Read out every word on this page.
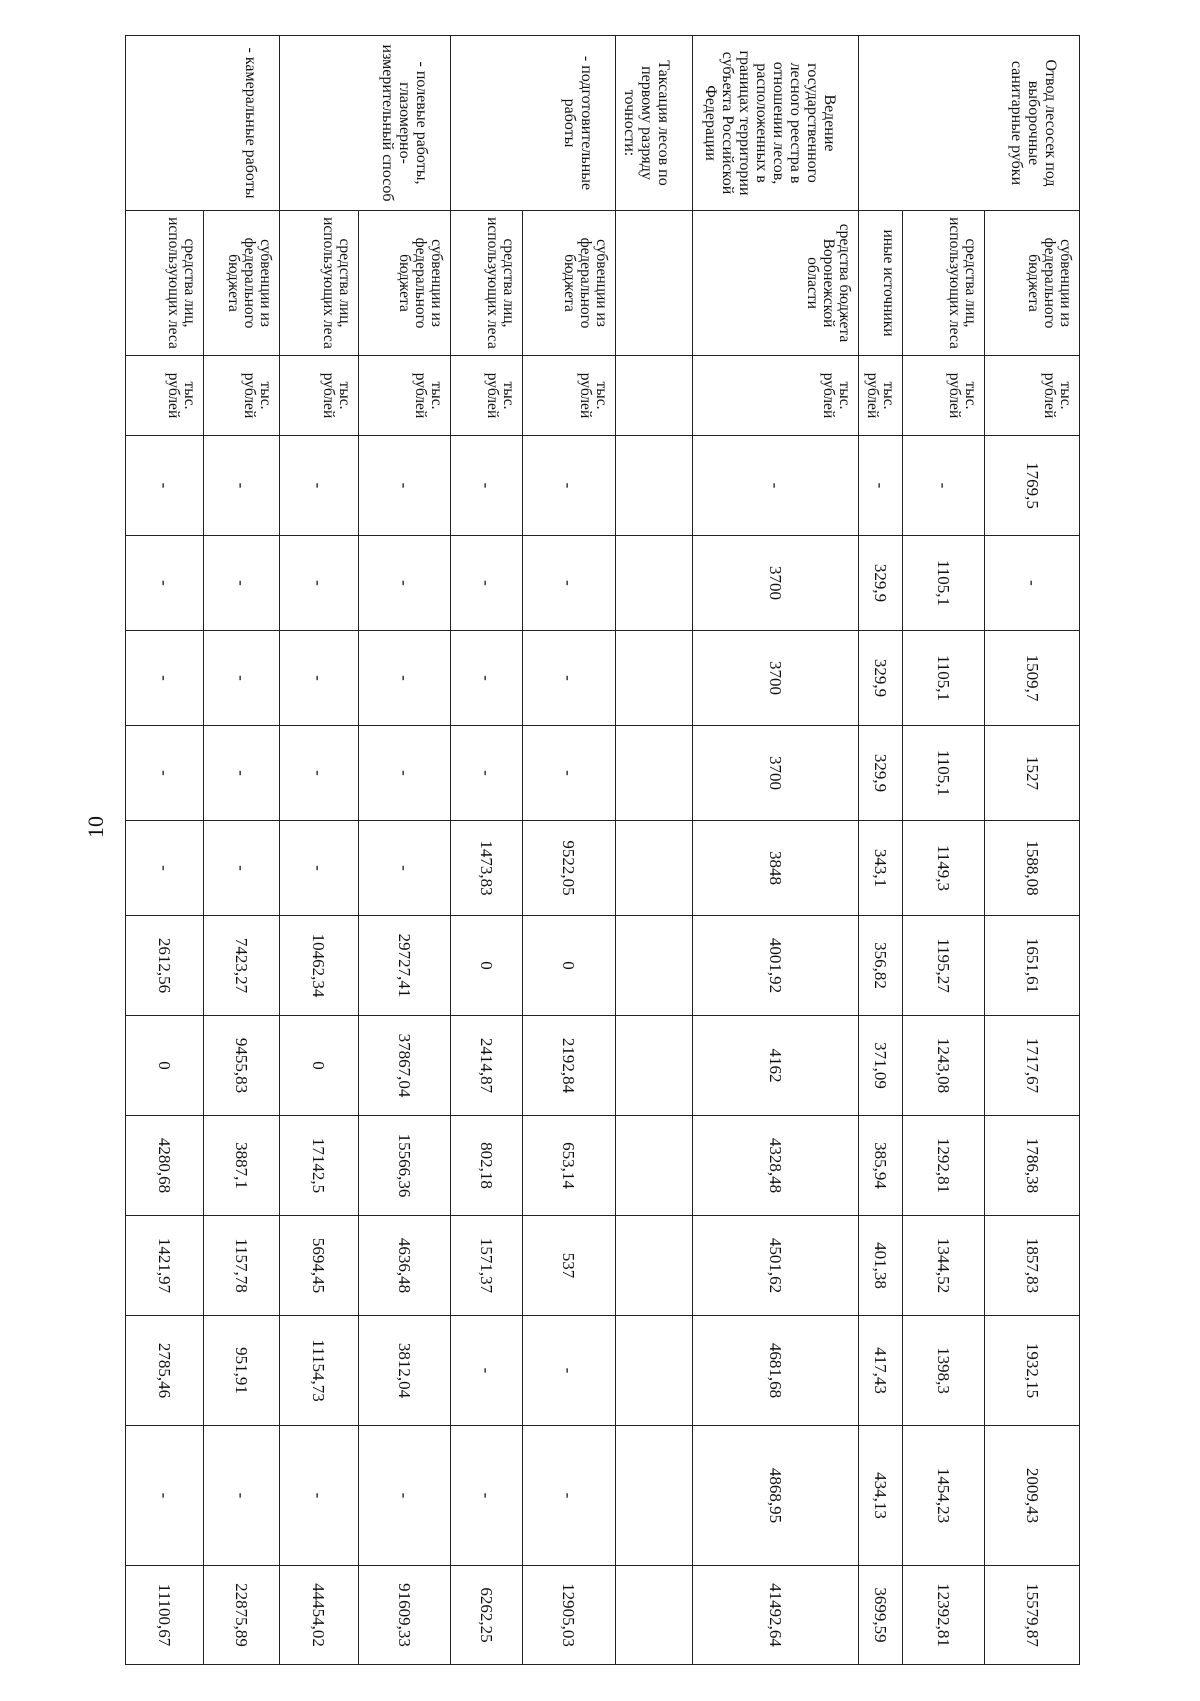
10
Отвод лесосек под выборочные санитарные рубки	субвенции из федерального бюджета	тыс. рублей	1769,5	-	1509,7	1527	1588,08	1651,61	1717,67	1786,38	1857,83	1932,15	2009,43	15579,87
	средства лиц, использующих леса	тыс. рублей	-	1105,1	1105,1	1105,1	1149,3	1195,27	1243,08	1292,81	1344,52	1398,3	1454,23	12392,81
	иные источники	тыс. рублей	-	329,9	329,9	329,9	343,1	356,82	371,09	385,94	401,38	417,43	434,13	3699,59
Ведение государственного лесного реестра в отношении лесов, расположенных в границах территории субъекта Российской Федерации	средства бюджета Воронежской области	тыс. рублей	-	3700	3700	3700	3848	4001,92	4162	4328,48	4501,62	4681,68	4868,95	41492,64
Таксация лесов по первому разряду точности:														
- подготовительные работы	субвенции из федерального бюджета	тыс. рублей	-	-	-	-	9522,05	0	2192,84	653,14	537	-	-	12905,03
	средства лиц, использующих леса	тыс. рублей	-	-	-	-	1473,83	0	2414,87	802,18	1571,37	-	-	6262,25
- полевые работы, глазомерно-измерительный способ	субвенции из федерального бюджета	тыс. рублей	-	-	-	-	-	29727,41	37867,04	15566,36	4636,48	3812,04	-	91609,33
	средства лиц, использующих леса	тыс. рублей	-	-	-	-	-	10462,34	0	17142,5	5694,45	11154,73	-	44454,02
- камеральные работы	субвенции из федерального бюджета	тыс. рублей	-	-	-	-	-	7423,27	9455,83	3887,1	1157,78	951,91	-	22875,89
	средства лиц, использующих леса	тыс. рублей	-	-	-	-	-	2612,56	0	4280,68	1421,97	2785,46	-	11100,67
